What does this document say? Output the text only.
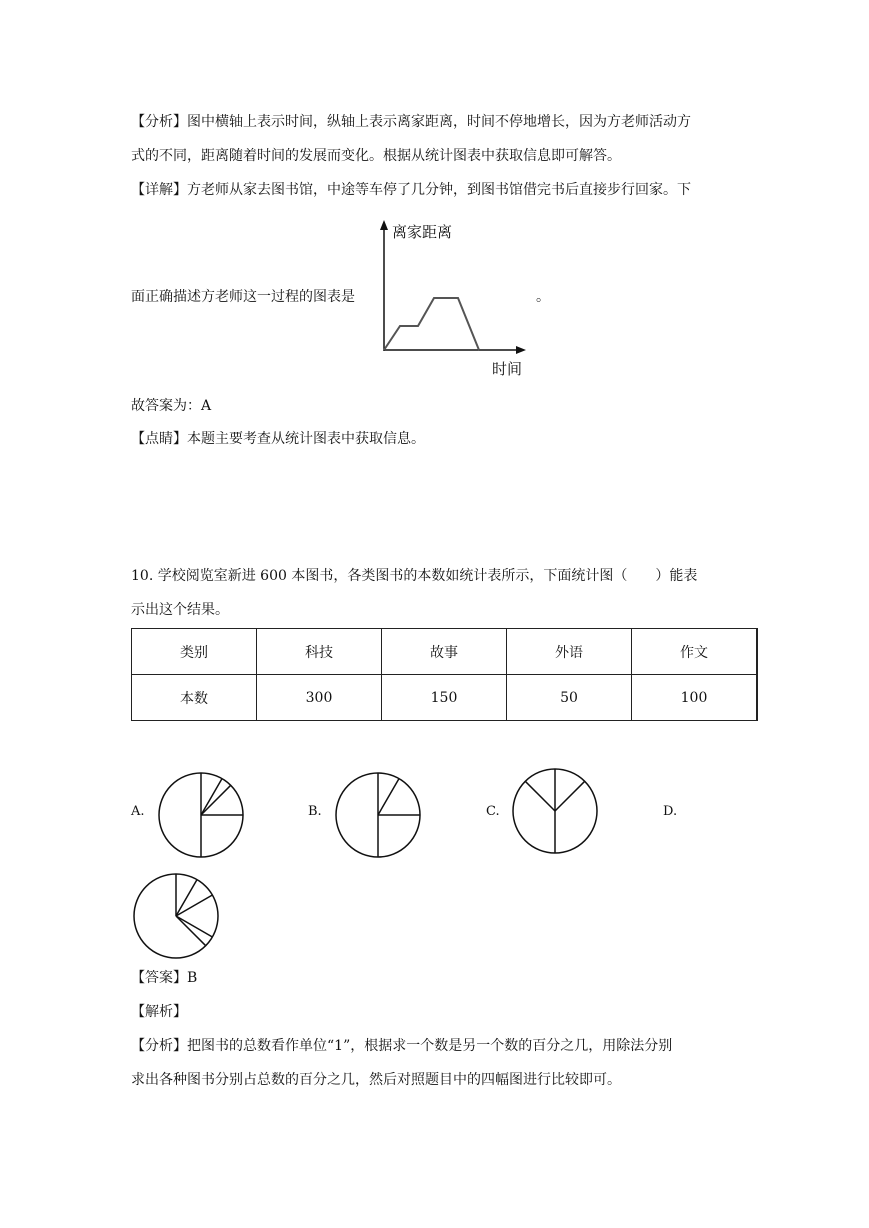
【分析】图中横轴上表示时间，纵轴上表示离家距离，时间不停地增长，因为方老师活动方
式的不同，距离随着时间的发展而变化。根据从统计图表中获取信息即可解答。
【详解】方老师从家去图书馆，中途等车停了几分钟，到图书馆借完书后直接步行回家。下
面正确描述方老师这一过程的图表是	。
离家距离
时间
故答案为：A
【点睛】本题主要考查从统计图表中获取信息。
10. 学校阅览室新进 600 本图书，各类图书的本数如统计表所示，下面统计图（　　）能表
示出这个结果。
类别	科技	故事	外语	作文
本数	300	150	50	100
A.	B.	C.	D.
【答案】B
【解析】
【分析】把图书的总数看作单位“1”，根据求一个数是另一个数的百分之几，用除法分别
求出各种图书分别占总数的百分之几，然后对照题目中的四幅图进行比较即可。
